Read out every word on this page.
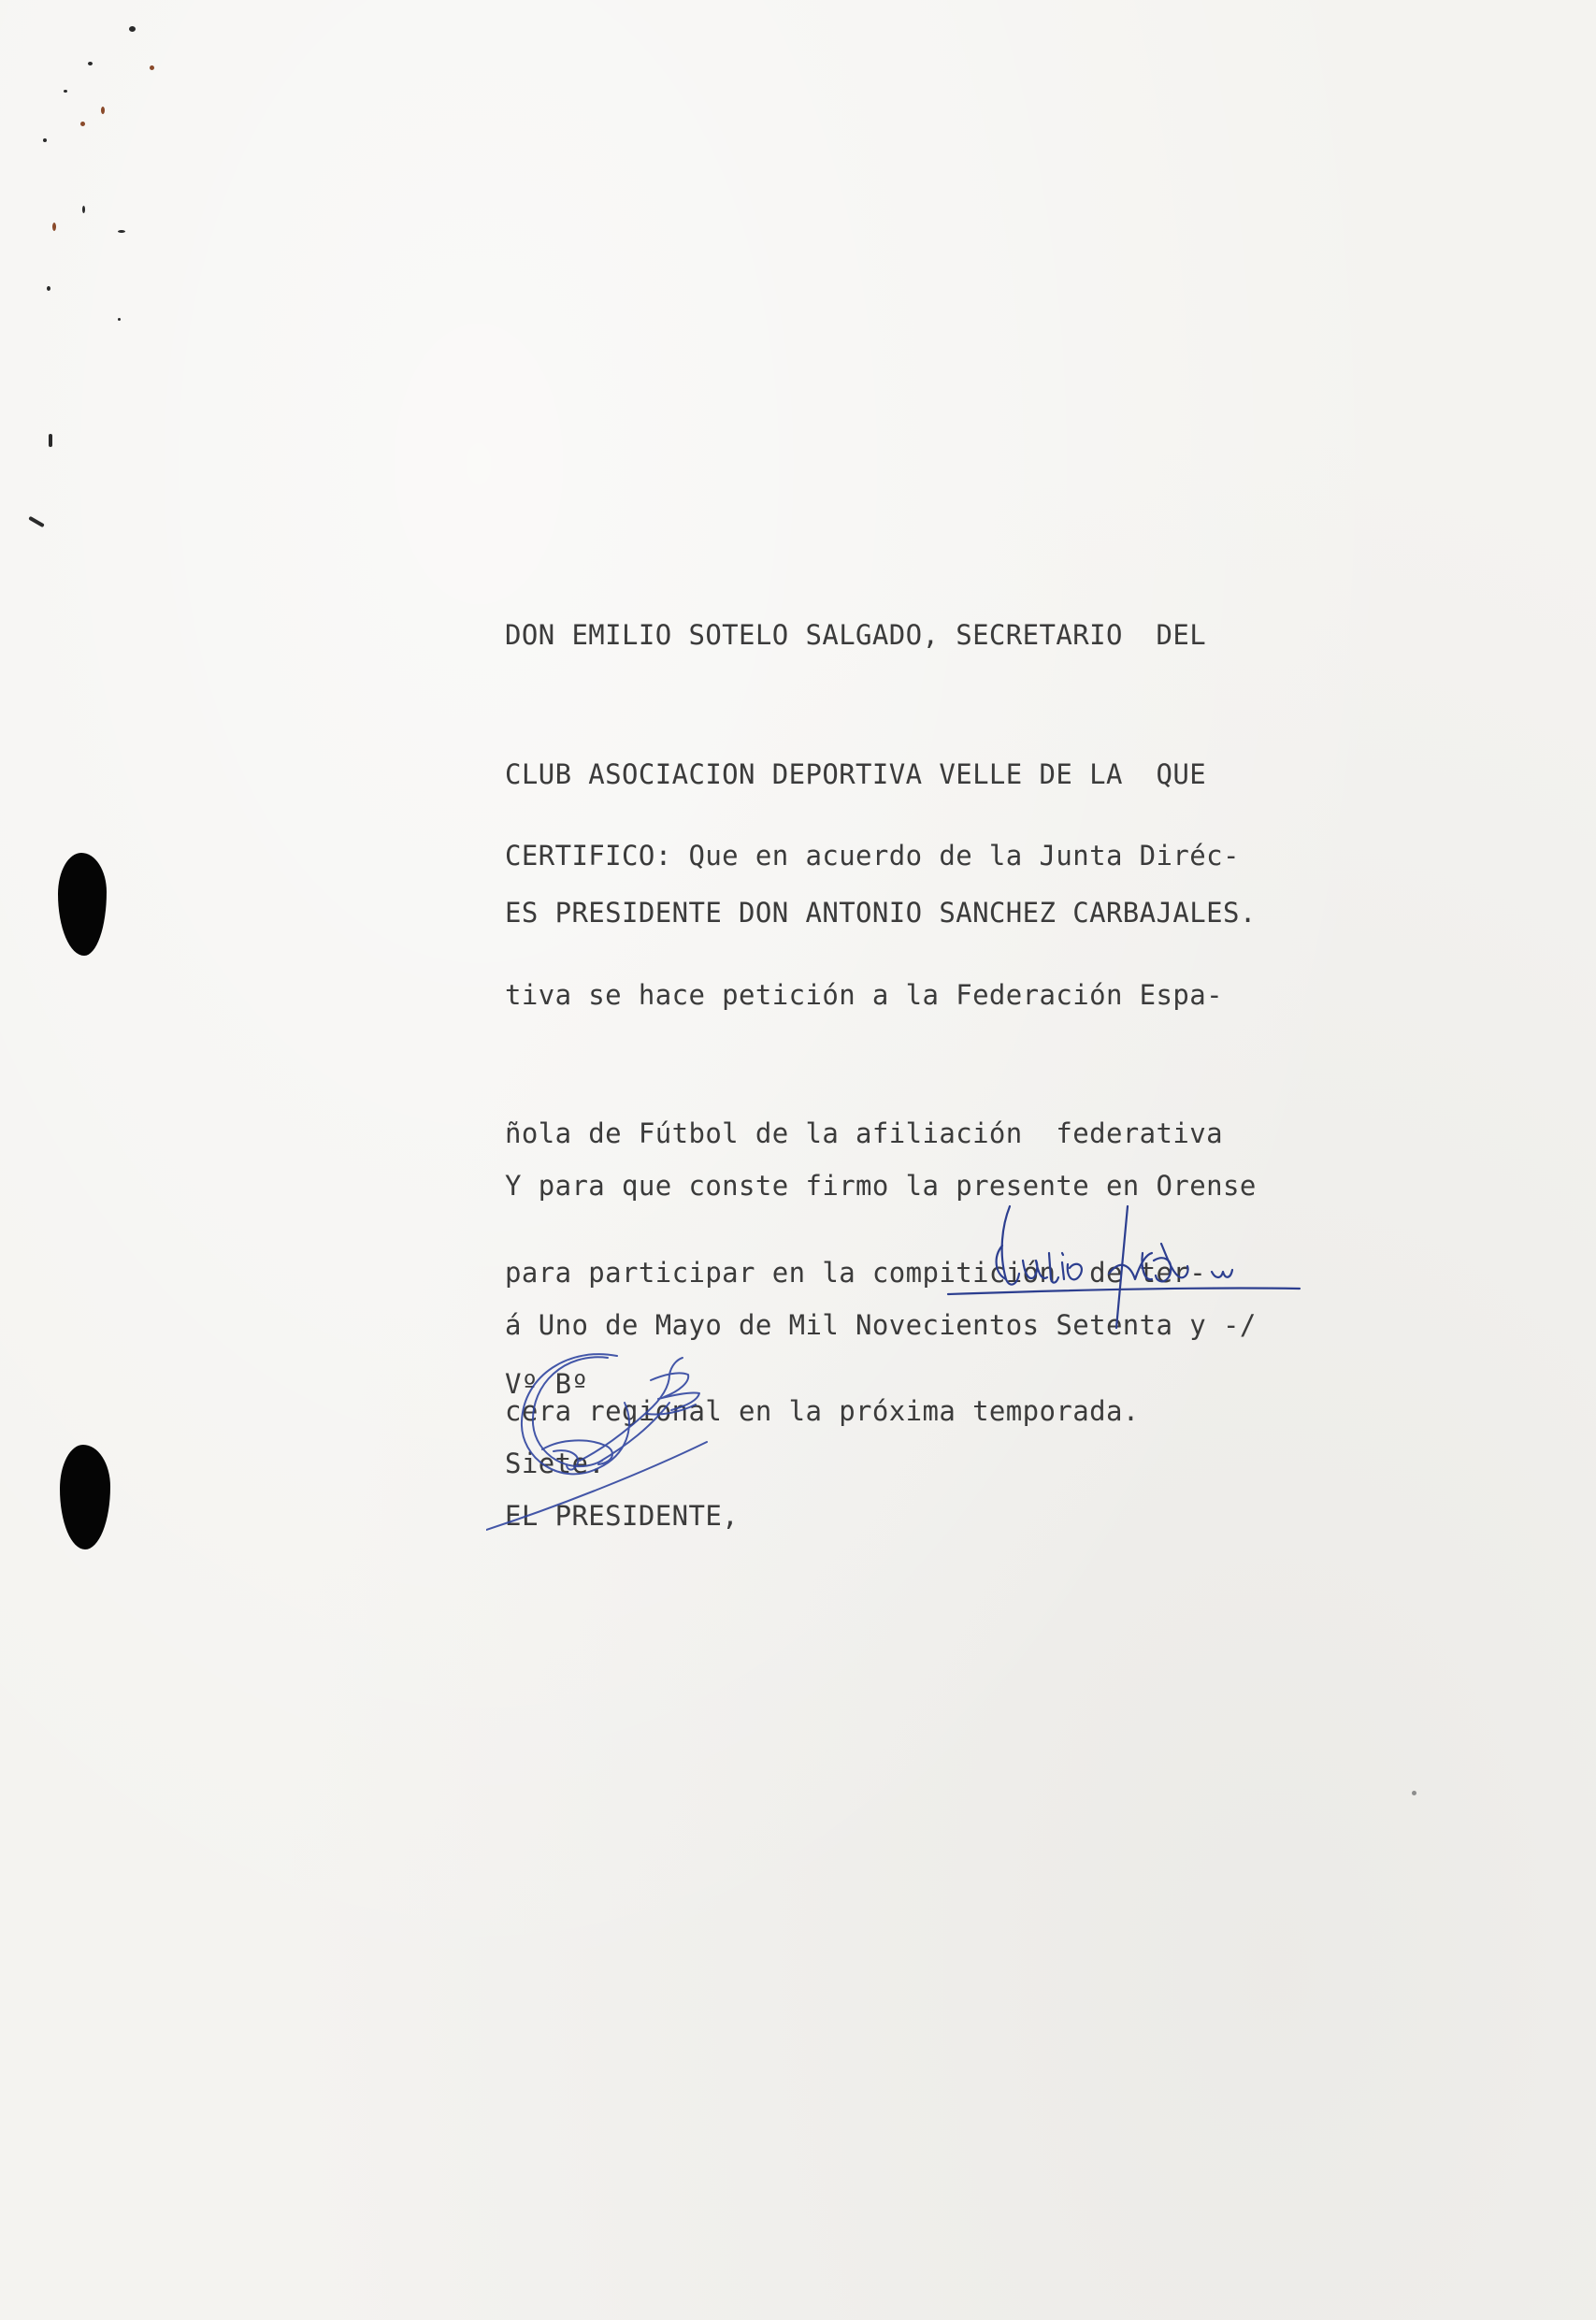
DON EMILIO SOTELO SALGADO, SECRETARIO  DEL

CLUB ASOCIACION DEPORTIVA VELLE DE LA  QUE

ES PRESIDENTE DON ANTONIO SANCHEZ CARBAJALES.

CERTIFICO: Que en acuerdo de la Junta Diréc-

tiva se hace petición a la Federación Espa-

ñola de Fútbol de la afiliación  federativa

para participar en la compitición  de ter-

cera regional en la próxima temporada.

Y para que conste firmo la presente en Orense

á Uno de Mayo de Mil Novecientos Setenta y -/

Siete.

Vº Bº

EL PRESIDENTE,

Emilio Sotelo
